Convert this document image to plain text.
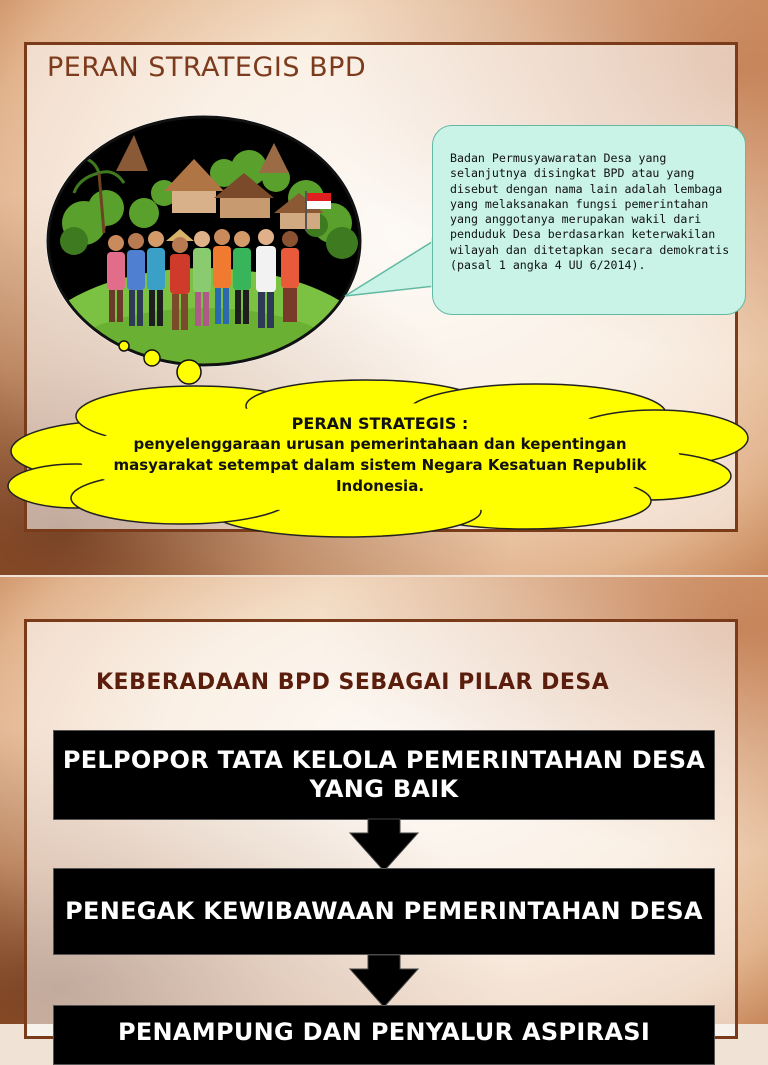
PERAN STRATEGIS BPD
Badan Permusyawaratan Desa yang selanjutnya disingkat BPD atau yang disebut dengan nama lain adalah lembaga yang melaksanakan fungsi pemerintahan yang anggotanya merupakan wakil dari penduduk Desa berdasarkan keterwakilan wilayah dan ditetapkan secara demokratis (pasal 1 angka 4 UU 6/2014).
PERAN STRATEGIS :
penyelenggaraan urusan pemerintahaan dan kepentingan masyarakat setempat dalam sistem Negara Kesatuan Republik Indonesia.
KEBERADAAN BPD SEBAGAI PILAR DESA
PELPOPOR TATA KELOLA PEMERINTAHAN DESA YANG BAIK
PENEGAK KEWIBAWAAN PEMERINTAHAN DESA
PENAMPUNG DAN PENYALUR ASPIRASI
